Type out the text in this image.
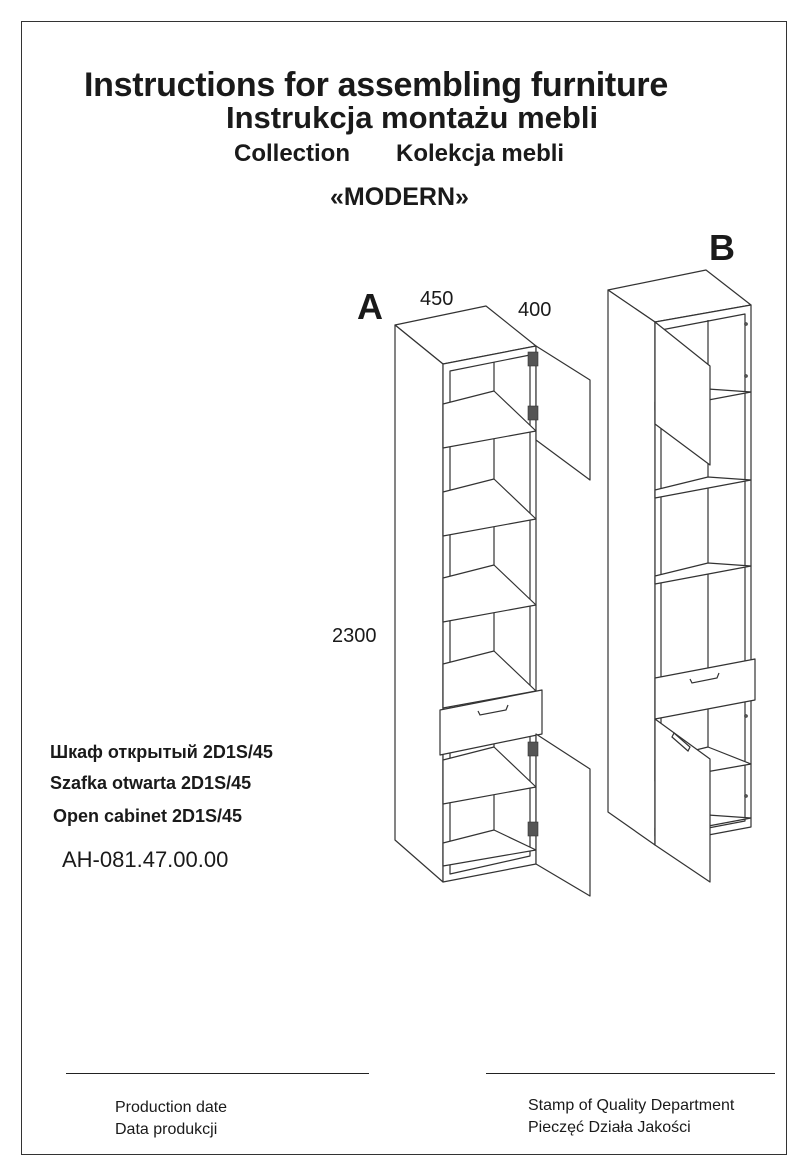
Instructions for assembling furniture
Instrukcja montażu mebli
Collection Kolekcja mebli
«MODERN»
A
B
450	400
2300
Шкаф открытый 2D1S/45
Szafka otwarta 2D1S/45
Open cabinet 2D1S/45
АН-081.47.00.00
Production date
Data produkcji
Stamp of Quality Department
Pieczęć Działa Jakości
